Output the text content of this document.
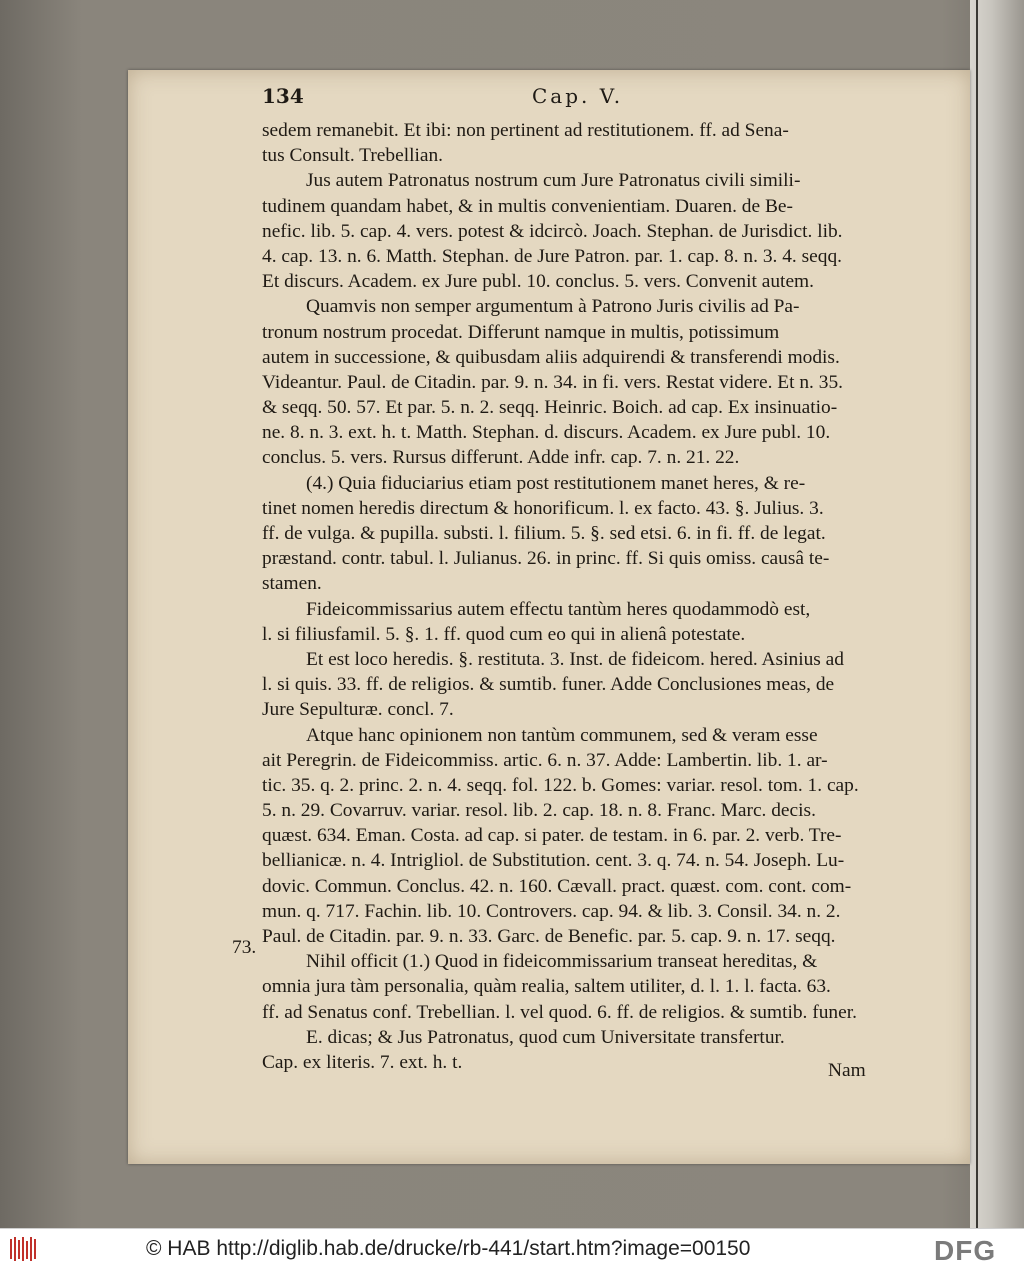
134	Cap. V.
sedem remanebit. Et ibi: non pertinent ad restitutionem. ff. ad Sena-
tus Consult. Trebellian.
Jus autem Patronatus nostrum cum Jure Patronatus civili simili-
tudinem quandam habet, & in multis convenientiam. Duaren. de Be-
nefic. lib. 5. cap. 4. vers. potest & idcircò. Joach. Stephan. de Jurisdict. lib.
4. cap. 13. n. 6. Matth. Stephan. de Jure Patron. par. 1. cap. 8. n. 3. 4. seqq.
Et discurs. Academ. ex Jure publ. 10. conclus. 5. vers. Convenit autem.
Quamvis non semper argumentum à Patrono Juris civilis ad Pa-
tronum nostrum procedat. Differunt namque in multis, potissimum
autem in successione, & quibusdam aliis adquirendi & transferendi modis.
Videantur. Paul. de Citadin. par. 9. n. 34. in fi. vers. Restat videre. Et n. 35.
& seqq. 50. 57. Et par. 5. n. 2. seqq. Heinric. Boich. ad cap. Ex insinuatio-
ne. 8. n. 3. ext. h. t. Matth. Stephan. d. discurs. Academ. ex Jure publ. 10.
conclus. 5. vers. Rursus differunt. Adde infr. cap. 7. n. 21. 22.
(4.) Quia fiduciarius etiam post restitutionem manet heres, & re-
tinet nomen heredis directum & honorificum. l. ex facto. 43. §. Julius. 3.
ff. de vulga. & pupilla. substi. l. filium. 5. §. sed etsi. 6. in fi. ff. de legat.
præstand. contr. tabul. l. Julianus. 26. in princ. ff. Si quis omiss. causâ te-
stamen.
Fideicommissarius autem effectu tantùm heres quodammodò est,
l. si filiusfamil. 5. §. 1. ff. quod cum eo qui in alienâ potestate.
Et est loco heredis. §. restituta. 3. Inst. de fideicom. hered. Asinius ad
l. si quis. 33. ff. de religios. & sumtib. funer. Adde Conclusiones meas, de
Jure Sepulturæ. concl. 7.
Atque hanc opinionem non tantùm communem, sed & veram esse
ait Peregrin. de Fideicommiss. artic. 6. n. 37. Adde: Lambertin. lib. 1. ar-
tic. 35. q. 2. princ. 2. n. 4. seqq. fol. 122. b. Gomes: variar. resol. tom. 1. cap.
5. n. 29. Covarruv. variar. resol. lib. 2. cap. 18. n. 8. Franc. Marc. decis.
quæst. 634. Eman. Costa. ad cap. si pater. de testam. in 6. par. 2. verb. Tre-
bellianicæ. n. 4. Intrigliol. de Substitution. cent. 3. q. 74. n. 54. Joseph. Lu-
dovic. Commun. Conclus. 42. n. 160. Cævall. pract. quæst. com. cont. com-
mun. q. 717. Fachin. lib. 10. Controvers. cap. 94. & lib. 3. Consil. 34. n. 2.
Paul. de Citadin. par. 9. n. 33. Garc. de Benefic. par. 5. cap. 9. n. 17. seqq.
Nihil officit (1.) Quod in fideicommissarium transeat hereditas, &
omnia jura tàm personalia, quàm realia, saltem utiliter, d. l. 1. l. facta. 63.
ff. ad Senatus conf. Trebellian. l. vel quod. 6. ff. de religios. & sumtib. funer.
E. dicas; & Jus Patronatus, quod cum Universitate transfertur.
Cap. ex literis. 7. ext. h. t.
73.
Nam
© HAB http://diglib.hab.de/drucke/rb-441/start.htm?image=00150	DFG
